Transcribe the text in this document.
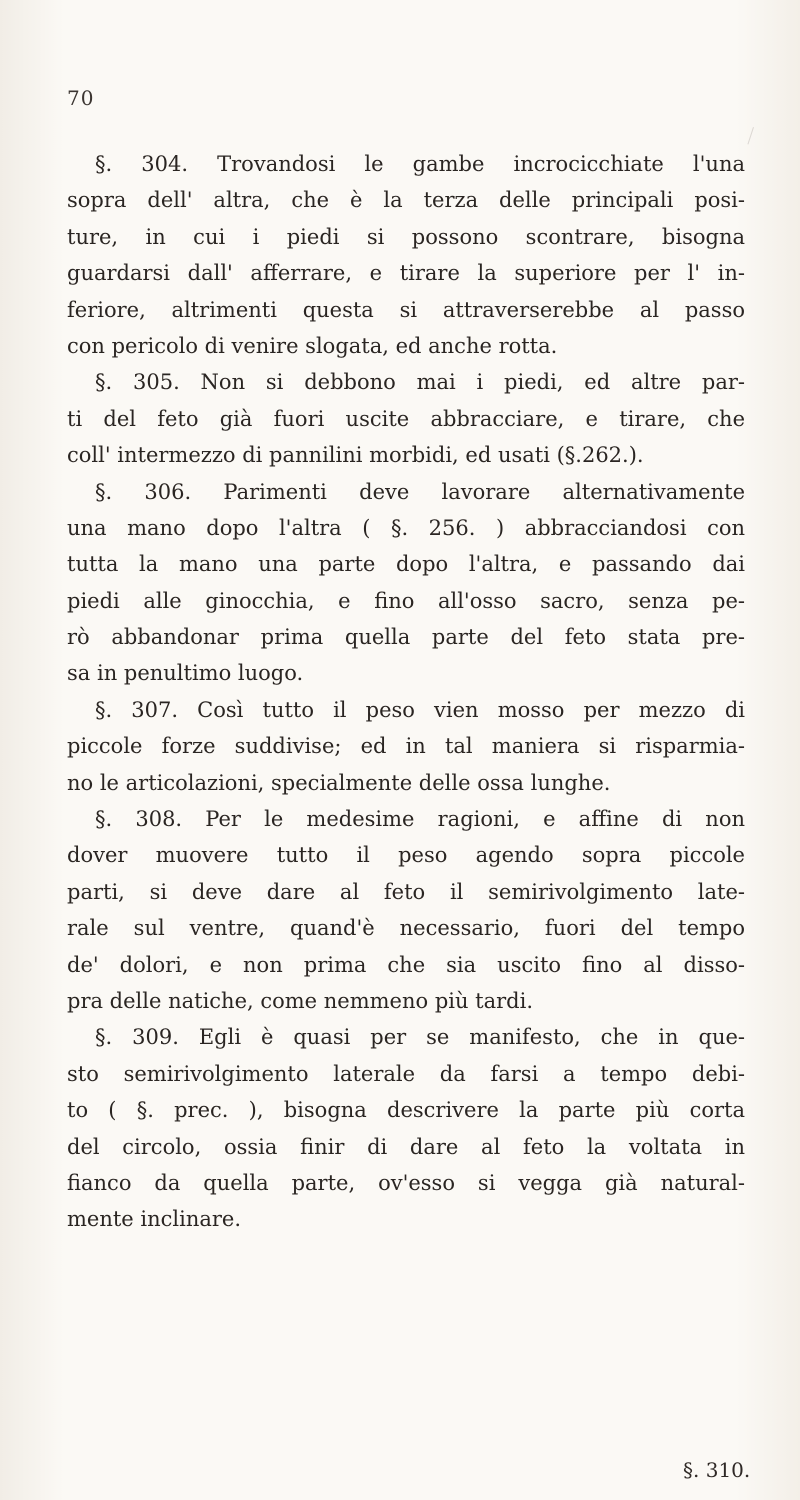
70
§. 304. Trovandosi le gambe incrocicchiate l'una
sopra dell' altra, che è la terza delle principali posi-
ture, in cui i piedi si possono scontrare, bisogna
guardarsi dall' afferrare, e tirare la superiore per l' in-
feriore, altrimenti questa si attraverserebbe al passo
con pericolo di venire slogata, ed anche rotta.
§. 305. Non si debbono mai i piedi, ed altre par-
ti del feto già fuori uscite abbracciare, e tirare, che
coll' intermezzo di pannilini morbidi, ed usati (§.262.).
§. 306. Parimenti deve lavorare alternativamente
una mano dopo l'altra ( §. 256. ) abbracciandosi con
tutta la mano una parte dopo l'altra, e passando dai
piedi alle ginocchia, e fino all'osso sacro, senza pe-
rò abbandonar prima quella parte del feto stata pre-
sa in penultimo luogo.
§. 307. Così tutto il peso vien mosso per mezzo di
piccole forze suddivise; ed in tal maniera si risparmia-
no le articolazioni, specialmente delle ossa lunghe.
§. 308. Per le medesime ragioni, e affine di non
dover muovere tutto il peso agendo sopra piccole
parti, si deve dare al feto il semirivolgimento late-
rale sul ventre, quand'è necessario, fuori del tempo
de' dolori, e non prima che sia uscito fino al disso-
pra delle natiche, come nemmeno più tardi.
§. 309. Egli è quasi per se manifesto, che in que-
sto semirivolgimento laterale da farsi a tempo debi-
to ( §. prec. ), bisogna descrivere la parte più corta
del circolo, ossia finir di dare al feto la voltata in
fianco da quella parte, ov'esso si vegga già natural-
mente inclinare.
§. 310.
